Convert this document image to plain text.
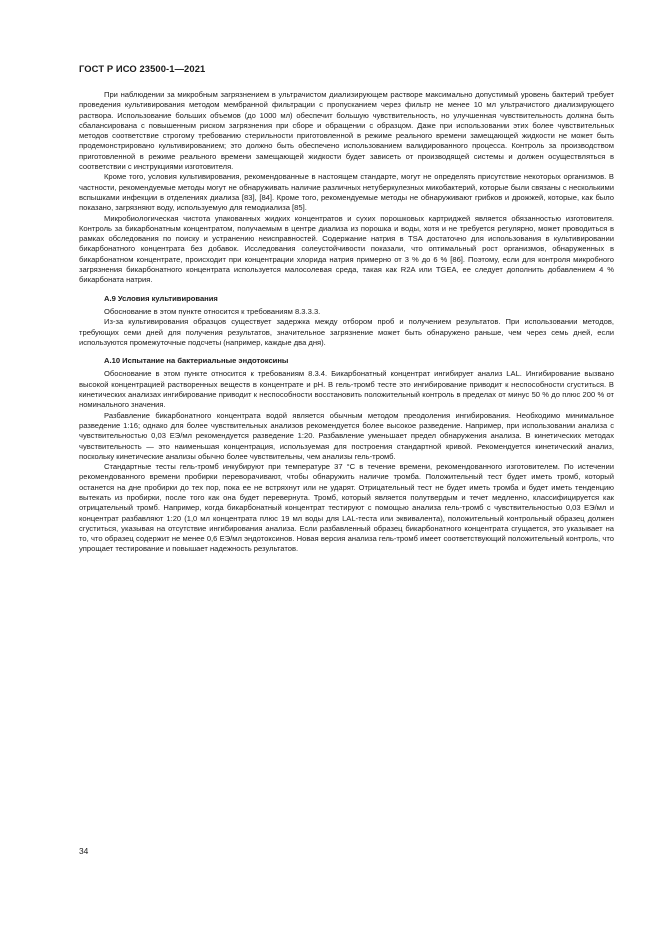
ГОСТ Р ИСО 23500-1—2021

При наблюдении за микробным загрязнением в ультрачистом диализирующем растворе максимально допустимый уровень бактерий требует проведения культивирования методом мембранной фильтрации с пропусканием через фильтр не менее 10 мл ультрачистого диализирующего раствора. Использование больших объемов (до 1000 мл) обеспечит большую чувствительность, но улучшенная чувствительность должна быть сбалансирована с повышенным риском загрязнения при сборе и обращении с образцом. Даже при использовании этих более чувствительных методов соответствие строгому требованию стерильности приготовленной в режиме реального времени замещающей жидкости не может быть продемонстрировано культивированием; это должно быть обеспечено использованием валидированного процесса. Контроль за производством приготовленной в режиме реального времени замещающей жидкости будет зависеть от производящей системы и должен осуществляться в соответствии с инструкциями изготовителя.

Кроме того, условия культивирования, рекомендованные в настоящем стандарте, могут не определять присутствие некоторых организмов. В частности, рекомендуемые методы могут не обнаруживать наличие различных нетуберкулезных микобактерий, которые были связаны с несколькими вспышками инфекции в отделениях диализа [83], [84]. Кроме того, рекомендуемые методы не обнаруживают грибков и дрожжей, которые, как было показано, загрязняют воду, используемую для гемодиализа [85].

Микробиологическая чистота упакованных жидких концентратов и сухих порошковых картриджей является обязанностью изготовителя. Контроль за бикарбонатным концентратом, получаемым в центре диализа из порошка и воды, хотя и не требуется регулярно, может проводиться в рамках обследования по поиску и устранению неисправностей. Содержание натрия в TSA достаточно для использования в культивировании бикарбонатного концентрата без добавок. Исследования солеустойчивости показали, что оптимальный рост организмов, обнаруженных в бикарбонатном концентрате, происходит при концентрации хлорида натрия примерно от 3 % до 6 % [86]. Поэтому, если для контроля микробного загрязнения бикарбонатного концентрата используется малосолевая среда, такая как R2A или TGEA, ее следует дополнить добавлением 4 % бикарбоната натрия.

А.9 Условия культивирования

Обоснование в этом пункте относится к требованиям 8.3.3.3.

Из-за культивирования образцов существует задержка между отбором проб и получением результатов. При использовании методов, требующих семи дней для получения результатов, значительное загрязнение может быть обнаружено раньше, чем через семь дней, если используются промежуточные подсчеты (например, каждые два дня).

А.10 Испытание на бактериальные эндотоксины

Обоснование в этом пункте относится к требованиям 8.3.4. Бикарбонатный концентрат ингибирует анализ LAL. Ингибирование вызвано высокой концентрацией растворенных веществ в концентрате и pH. В гель-тромб тесте это ингибирование приводит к неспособности сгуститься. В кинетических анализах ингибирование приводит к неспособности восстановить положительный контроль в пределах от минус 50 % до плюс 200 % от номинального значения.

Разбавление бикарбонатного концентрата водой является обычным методом преодоления ингибирования. Необходимо минимальное разведение 1:16; однако для более чувствительных анализов рекомендуется более высокое разведение. Например, при использовании анализа с чувствительностью 0,03 ЕЭ/мл рекомендуется разведение 1:20. Разбавление уменьшает предел обнаружения анализа. В кинетических методах чувствительность — это наименьшая концентрация, используемая для построения стандартной кривой. Рекомендуется кинетический анализ, поскольку кинетические анализы обычно более чувствительны, чем анализы гель-тромб.

Стандартные тесты гель-тромб инкубируют при температуре 37 °С в течение времени, рекомендованного изготовителем. По истечении рекомендованного времени пробирки переворачивают, чтобы обнаружить наличие тромба. Положительный тест будет иметь тромб, который останется на дне пробирки до тех пор, пока ее не встряхнут или не ударят. Отрицательный тест не будет иметь тромба и будет иметь тенденцию вытекать из пробирки, после того как она будет перевернута. Тромб, который является полутвердым и течет медленно, классифицируется как отрицательный тромб. Например, когда бикарбонатный концентрат тестируют с помощью анализа гель-тромб с чувствительностью 0,03 ЕЭ/мл и концентрат разбавляют 1:20 (1,0 мл концентрата плюс 19 мл воды для LAL-теста или эквивалента), положительный контрольный образец должен сгуститься, указывая на отсутствие ингибирования анализа. Если разбавленный образец бикарбонатного концентрата сгущается, это указывает на то, что образец содержит не менее 0,6 ЕЭ/мл эндотоксинов. Новая версия анализа гель-тромб имеет соответствующий положительный контроль, что упрощает тестирование и повышает надежность результатов.

34
